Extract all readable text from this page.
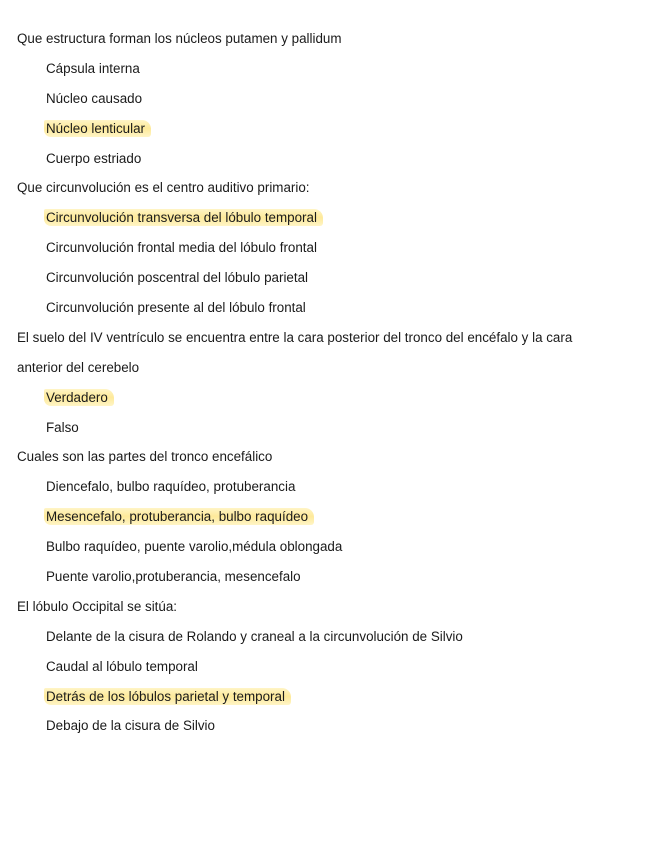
Que estructura forman los núcleos putamen y pallidum
Cápsula interna
Núcleo causado
Núcleo lenticular
Cuerpo estriado
Que circunvolución es el centro auditivo primario:
Circunvolución transversa del lóbulo temporal
Circunvolución frontal media del lóbulo frontal
Circunvolución poscentral del lóbulo parietal
Circunvolución presente al del lóbulo frontal
El suelo del IV ventrículo se encuentra entre la cara posterior del tronco del encéfalo y la cara
anterior del cerebelo
Verdadero
Falso
Cuales son las partes del tronco encefálico
Diencefalo, bulbo raquídeo, protuberancia
Mesencefalo, protuberancia, bulbo raquídeo
Bulbo raquídeo, puente varolio,médula oblongada
Puente varolio,protuberancia, mesencefalo
El lóbulo Occipital se sitúa:
Delante de la cisura de Rolando y craneal a la circunvolución de Silvio
Caudal al lóbulo temporal
Detrás de los lóbulos parietal y temporal
Debajo de la cisura de Silvio
